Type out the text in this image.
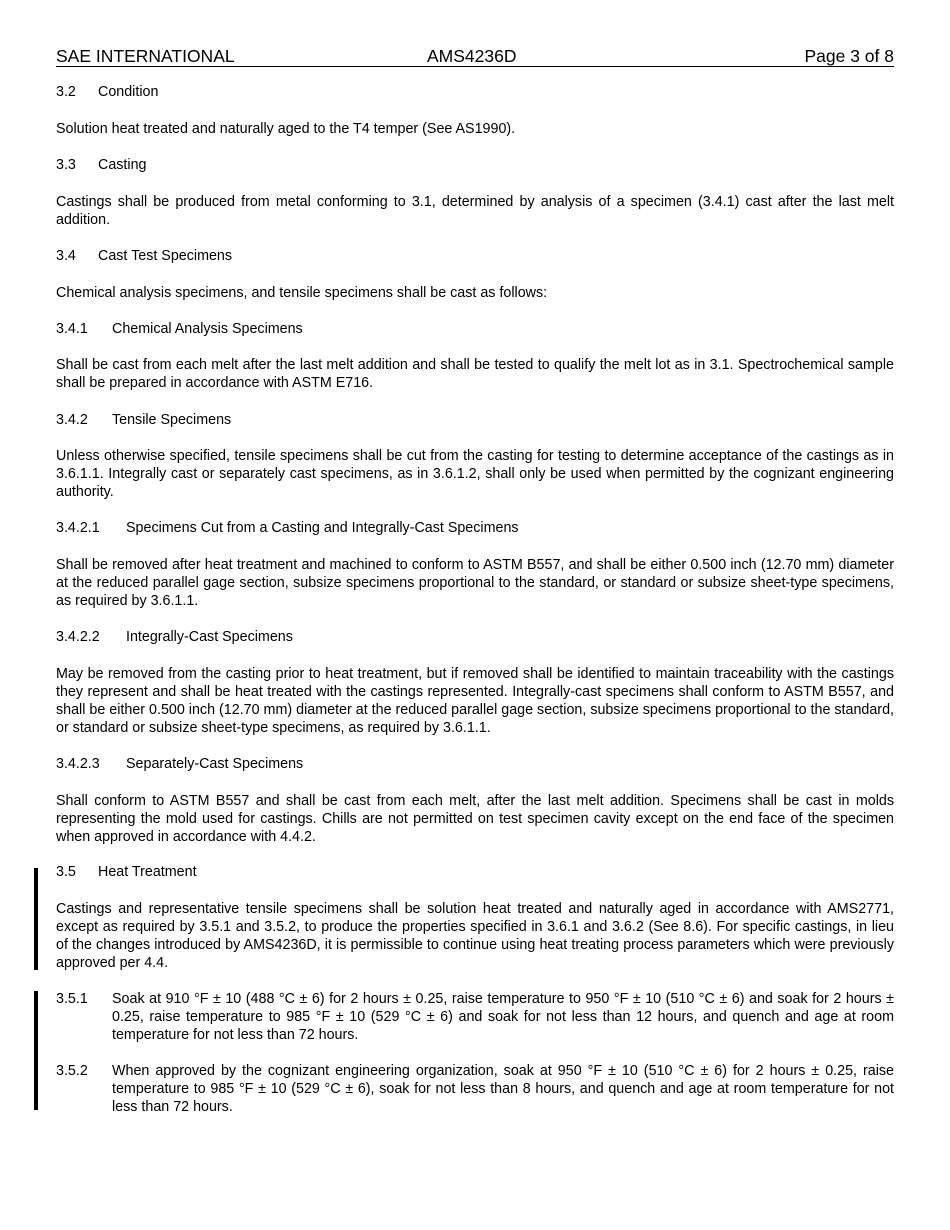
SAE INTERNATIONAL	AMS4236D	Page 3 of 8
3.2 Condition

Solution heat treated and naturally aged to the T4 temper (See AS1990).

3.3 Casting

Castings shall be produced from metal conforming to 3.1, determined by analysis of a specimen (3.4.1) cast after the last melt addition.

3.4 Cast Test Specimens

Chemical analysis specimens, and tensile specimens shall be cast as follows:

3.4.1 Chemical Analysis Specimens

Shall be cast from each melt after the last melt addition and shall be tested to qualify the melt lot as in 3.1. Spectrochemical sample shall be prepared in accordance with ASTM E716.

3.4.2 Tensile Specimens

Unless otherwise specified, tensile specimens shall be cut from the casting for testing to determine acceptance of the castings as in 3.6.1.1. Integrally cast or separately cast specimens, as in 3.6.1.2, shall only be used when permitted by the cognizant engineering authority.

3.4.2.1 Specimens Cut from a Casting and Integrally-Cast Specimens

Shall be removed after heat treatment and machined to conform to ASTM B557, and shall be either 0.500 inch (12.70 mm) diameter at the reduced parallel gage section, subsize specimens proportional to the standard, or standard or subsize sheet-type specimens, as required by 3.6.1.1.

3.4.2.2 Integrally-Cast Specimens

May be removed from the casting prior to heat treatment, but if removed shall be identified to maintain traceability with the castings they represent and shall be heat treated with the castings represented. Integrally-cast specimens shall conform to ASTM B557, and shall be either 0.500 inch (12.70 mm) diameter at the reduced parallel gage section, subsize specimens proportional to the standard, or standard or subsize sheet-type specimens, as required by 3.6.1.1.

3.4.2.3 Separately-Cast Specimens

Shall conform to ASTM B557 and shall be cast from each melt, after the last melt addition. Specimens shall be cast in molds representing the mold used for castings. Chills are not permitted on test specimen cavity except on the end face of the specimen when approved in accordance with 4.4.2.

3.5 Heat Treatment

Castings and representative tensile specimens shall be solution heat treated and naturally aged in accordance with AMS2771, except as required by 3.5.1 and 3.5.2, to produce the properties specified in 3.6.1 and 3.6.2 (See 8.6). For specific castings, in lieu of the changes introduced by AMS4236D, it is permissible to continue using heat treating process parameters which were previously approved per 4.4.

3.5.1 Soak at 910 °F ± 10 (488 °C ± 6) for 2 hours ± 0.25, raise temperature to 950 °F ± 10 (510 °C ± 6) and soak for 2 hours ± 0.25, raise temperature to 985 °F ± 10 (529 °C ± 6) and soak for not less than 12 hours, and quench and age at room temperature for not less than 72 hours.
3.5.2 When approved by the cognizant engineering organization, soak at 950 °F ± 10 (510 °C ± 6) for 2 hours ± 0.25, raise temperature to 985 °F ± 10 (529 °C ± 6), soak for not less than 8 hours, and quench and age at room temperature for not less than 72 hours.
